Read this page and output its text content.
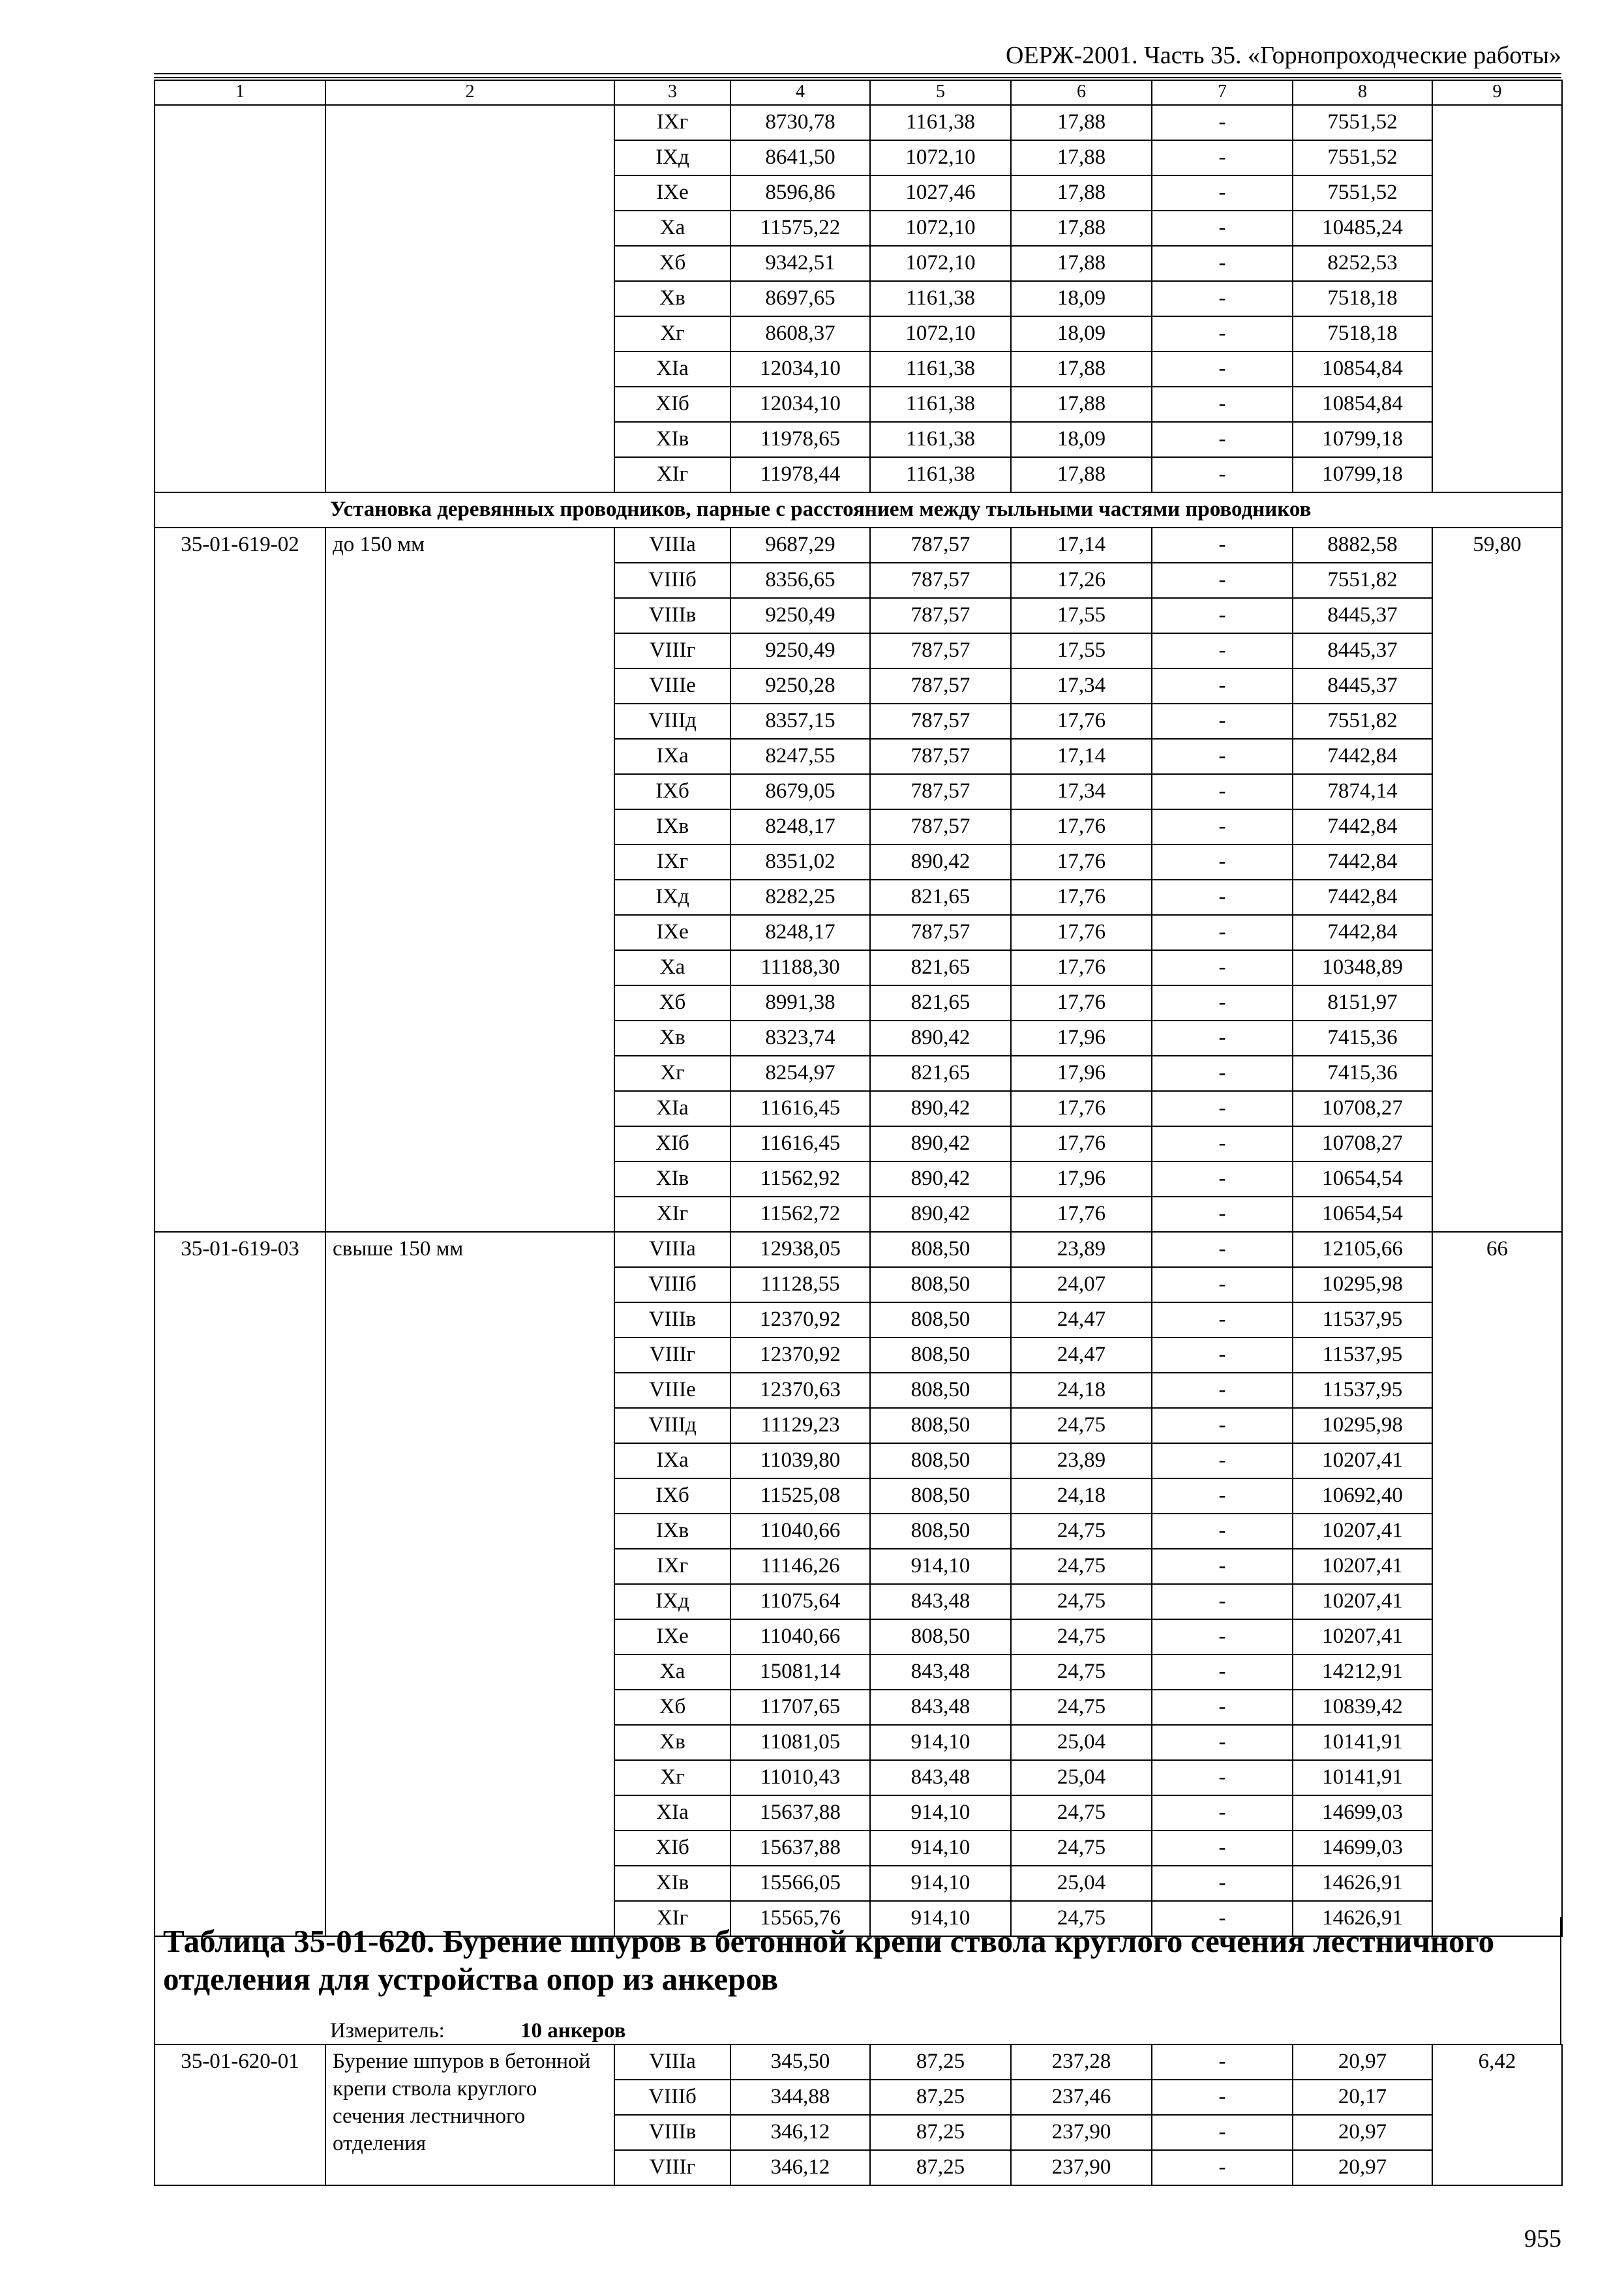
ОЕРЖ-2001. Часть 35. «Горнопроходческие работы»
1	2	3	4	5	6	7	8	9
		IXг	8730,78	1161,38	17,88	-	7551,52	
		IXд	8641,50	1072,10	17,88	-	7551,52	
		IXе	8596,86	1027,46	17,88	-	7551,52	
		Xа	11575,22	1072,10	17,88	-	10485,24	
		Xб	9342,51	1072,10	17,88	-	8252,53	
		Xв	8697,65	1161,38	18,09	-	7518,18	
		Xг	8608,37	1072,10	18,09	-	7518,18	
		XIа	12034,10	1161,38	17,88	-	10854,84	
		XIб	12034,10	1161,38	17,88	-	10854,84	
		XIв	11978,65	1161,38	18,09	-	10799,18	
		XIг	11978,44	1161,38	17,88	-	10799,18	
Установка деревянных проводников, парные с расстоянием между тыльными частями проводников								
35-01-619-02	до 150 мм	VIIIа	9687,29	787,57	17,14	-	8882,58	59,80
		VIIIб	8356,65	787,57	17,26	-	7551,82	
		VIIIв	9250,49	787,57	17,55	-	8445,37	
		VIIIг	9250,49	787,57	17,55	-	8445,37	
		VIIIе	9250,28	787,57	17,34	-	8445,37	
		VIIIд	8357,15	787,57	17,76	-	7551,82	
		IXа	8247,55	787,57	17,14	-	7442,84	
		IXб	8679,05	787,57	17,34	-	7874,14	
		IXв	8248,17	787,57	17,76	-	7442,84	
		IXг	8351,02	890,42	17,76	-	7442,84	
		IXд	8282,25	821,65	17,76	-	7442,84	
		IXе	8248,17	787,57	17,76	-	7442,84	
		Xа	11188,30	821,65	17,76	-	10348,89	
		Xб	8991,38	821,65	17,76	-	8151,97	
		Xв	8323,74	890,42	17,96	-	7415,36	
		Xг	8254,97	821,65	17,96	-	7415,36	
		XIа	11616,45	890,42	17,76	-	10708,27	
		XIб	11616,45	890,42	17,76	-	10708,27	
		XIв	11562,92	890,42	17,96	-	10654,54	
		XIг	11562,72	890,42	17,76	-	10654,54	
35-01-619-03	свыше 150 мм	VIIIа	12938,05	808,50	23,89	-	12105,66	66
		VIIIб	11128,55	808,50	24,07	-	10295,98	
		VIIIв	12370,92	808,50	24,47	-	11537,95	
		VIIIг	12370,92	808,50	24,47	-	11537,95	
		VIIIе	12370,63	808,50	24,18	-	11537,95	
		VIIIд	11129,23	808,50	24,75	-	10295,98	
		IXа	11039,80	808,50	23,89	-	10207,41	
		IXб	11525,08	808,50	24,18	-	10692,40	
		IXв	11040,66	808,50	24,75	-	10207,41	
		IXг	11146,26	914,10	24,75	-	10207,41	
		IXд	11075,64	843,48	24,75	-	10207,41	
		IXе	11040,66	808,50	24,75	-	10207,41	
		Xа	15081,14	843,48	24,75	-	14212,91	
		Xб	11707,65	843,48	24,75	-	10839,42	
		Xв	11081,05	914,10	25,04	-	10141,91	
		Xг	11010,43	843,48	25,04	-	10141,91	
		XIа	15637,88	914,10	24,75	-	14699,03	
		XIб	15637,88	914,10	24,75	-	14699,03	
		XIв	15566,05	914,10	25,04	-	14626,91	
		XIг	15565,76	914,10	24,75	-	14626,91	
Таблица 35-01-620. Бурение шпуров в бетонной крепи ствола круглого сечения лестничного отделения для устройства опор из анкеров
Измеритель:	10 анкеров
35-01-620-01	Бурение шпуров в бетонной крепи ствола круглого сечения лестничного отделения	VIIIа	345,50	87,25	237,28	-	20,97	6,42
		VIIIб	344,88	87,25	237,46	-	20,17	
		VIIIв	346,12	87,25	237,90	-	20,97	
		VIIIг	346,12	87,25	237,90	-	20,97	
955
